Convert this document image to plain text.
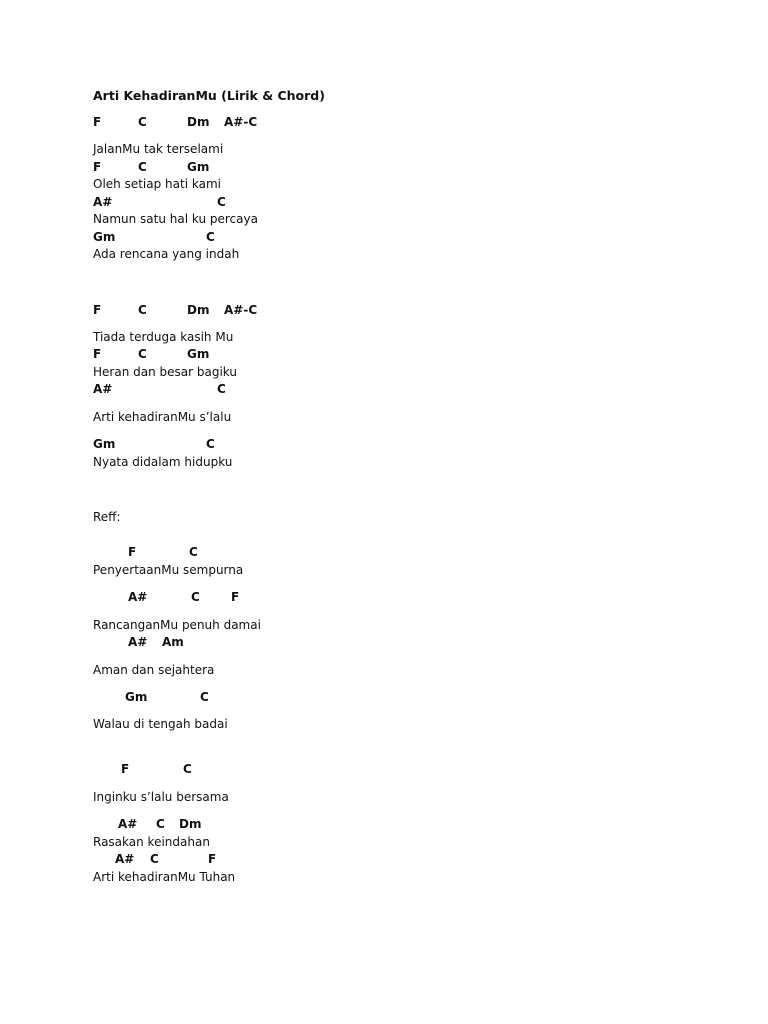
Arti KehadiranMu (Lirik & Chord)
F	C	Dm A#-C
JalanMu tak terselami
F	C	Gm
Oleh setiap hati kami
A#	C
Namun satu hal ku percaya
Gm	C
Ada rencana yang indah
F	C	Dm A#-C
Tiada terduga kasih Mu
F	C	Gm
Heran dan besar bagiku
A#	C
Arti kehadiranMu s’lalu
Gm	C
Nyata didalam hidupku
Reff:
F	C
PenyertaanMu sempurna
A#	C	F
RancanganMu penuh damai
A# Am
Aman dan sejahtera
Gm	C
Walau di tengah badai
F	C
Inginku s’lalu bersama
A# C Dm
Rasakan keindahan
A# C	F
Arti kehadiranMu Tuhan
